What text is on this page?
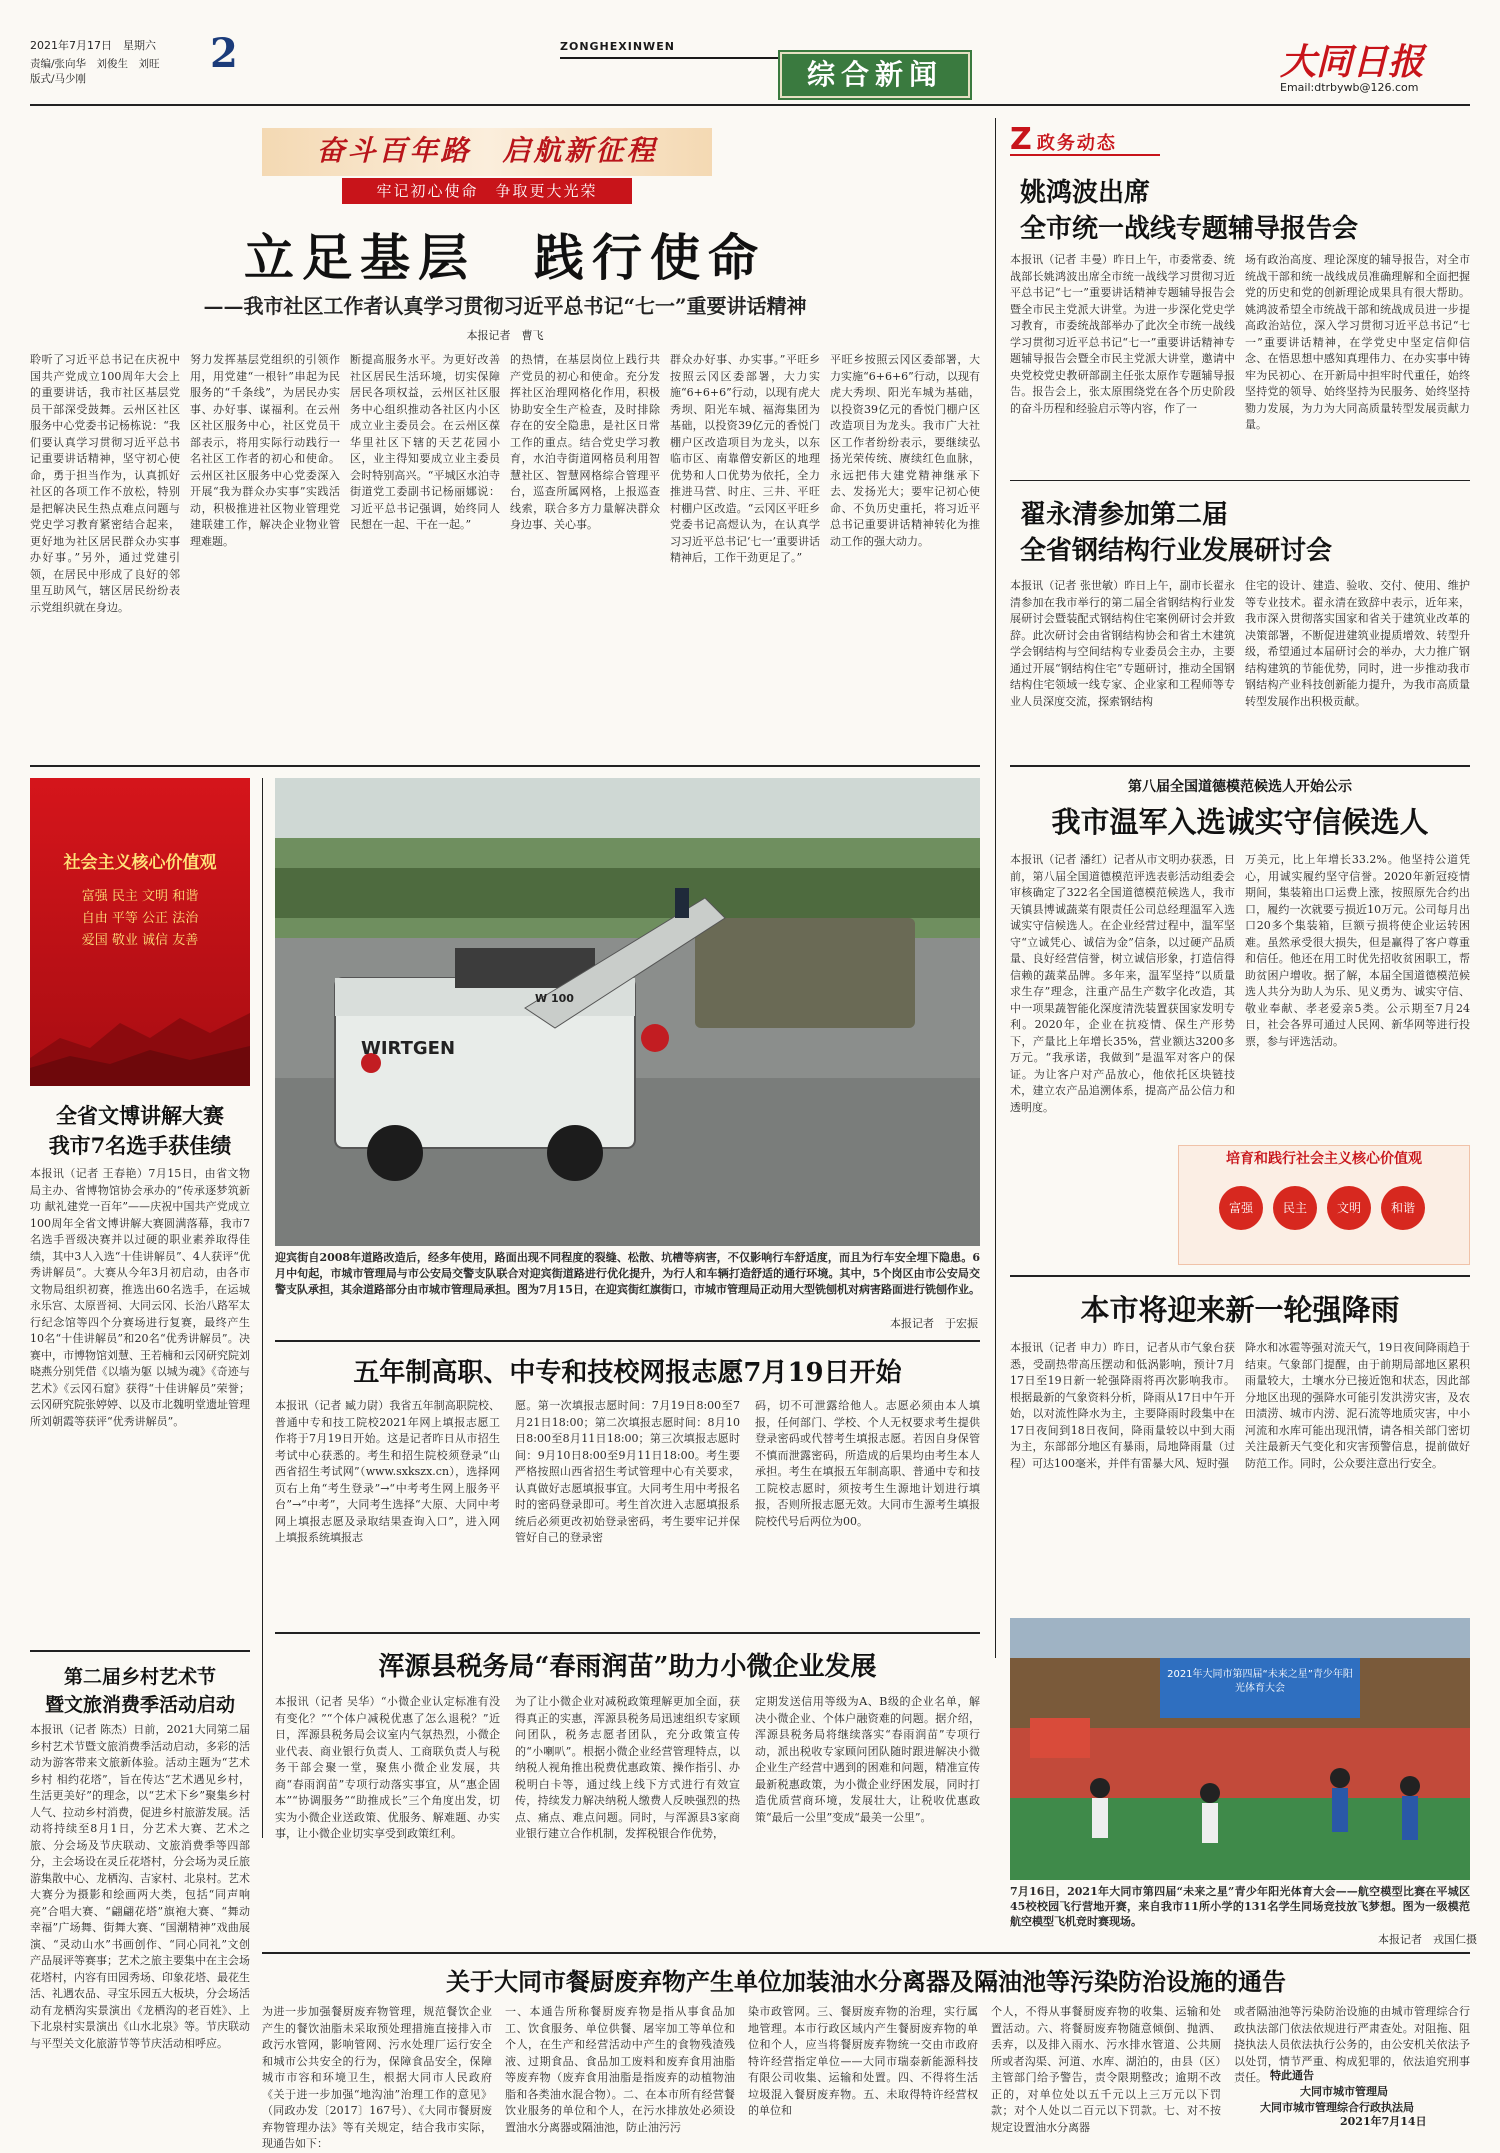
2021年7月17日　星期六 2
责编/张向华　刘俊生　刘旺
版式/马少刚
ZONGHEXINWEN
综合新闻	大同日报
Email:dtrbywb@126.com
奋斗百年路　启航新征程
牢记初心使命　争取更大光荣
立足基层　践行使命
——我市社区工作者认真学习贯彻习近平总书记“七一”重要讲话精神
本报记者　曹飞
聆听了习近平总书记在庆祝中国共产党成立100周年大会上的重要讲话，我市社区基层党员干部深受鼓舞。云州区社区服务中心党委书记杨栋说：“我们要认真学习贯彻习近平总书记重要讲话精神，坚守初心使命，勇于担当作为，认真抓好社区的各项工作不放松，特别是把解决民生热点难点问题与党史学习教育紧密结合起来，更好地为社区居民群众办实事办好事。”另外，通过党建引领，在居民中形成了良好的邻里互助风气，辖区居民纷纷表示党组织就在身边。
努力发挥基层党组织的引领作用，用党建“一根针”串起为民服务的“千条线”，为居民办实事、办好事、谋福利。在云州区社区服务中心，社区党员干部表示，将用实际行动践行一名社区工作者的初心和使命。云州区社区服务中心党委深入开展“我为群众办实事”实践活动，积极推进社区物业管理党建联建工作，解决企业物业管理难题。
断提高服务水平。为更好改善社区居民生活环境，切实保障居民各项权益，云州区社区服务中心组织推动各社区内小区成立业主委员会。在云州区葆华里社区下辖的天艺花园小区，业主得知要成立业主委员会时特别高兴。“平城区水泊寺街道党工委副书记杨丽娜说：习近平总书记强调，始终同人民想在一起、干在一起。”
的热情，在基层岗位上践行共产党员的初心和使命。充分发挥社区治理网格化作用，积极协助安全生产检查，及时排除存在的安全隐患，是社区日常工作的重点。结合党史学习教育，水泊寺街道网格员利用智慧社区、智慧网格综合管理平台，巡查所属网格，上报巡查线索，联合多方力量解决群众身边事、关心事。
群众办好事、办实事。”平旺乡按照云冈区委部署，大力实施“6+6+6”行动，以现有虎大秀坝、阳光车城、福海集团为基础，以投资39亿元的香悦门棚户区改造项目为龙头，以东临市区、南靠僧安新区的地理优势和人口优势为依托，全力推进马营、时庄、三井、平旺村棚户区改造。“云冈区平旺乡党委书记高煜认为，在认真学习习近平总书记‘七一’重要讲话精神后，工作干劲更足了。”
平旺乡按照云冈区委部署，大力实施“6+6+6”行动，以现有虎大秀坝、阳光车城为基础，以投资39亿元的香悦门棚户区改造项目为龙头。我市广大社区工作者纷纷表示，要继续弘扬光荣传统、赓续红色血脉，永远把伟大建党精神继承下去、发扬光大；要牢记初心使命、不负历史重托，将习近平总书记重要讲话精神转化为推动工作的强大动力。
Z 政务动态
姚鸿波出席
全市统一战线专题辅导报告会
本报讯（记者 丰曼）昨日上午，市委常委、统战部长姚鸿波出席全市统一战线学习贯彻习近平总书记“七一”重要讲话精神专题辅导报告会暨全市民主党派大讲堂。为进一步深化党史学习教育，市委统战部举办了此次全市统一战线学习贯彻习近平总书记“七一”重要讲话精神专题辅导报告会暨全市民主党派大讲堂，邀请中央党校党史教研部副主任张太原作专题辅导报告。报告会上，张太原围绕党在各个历史阶段的奋斗历程和经验启示等内容，作了一
场有政治高度、理论深度的辅导报告，对全市统战干部和统一战线成员准确理解和全面把握党的历史和党的创新理论成果具有很大帮助。姚鸿波希望全市统战干部和统战成员进一步提高政治站位，深入学习贯彻习近平总书记“七一”重要讲话精神，在学党史中坚定信仰信念、在悟思想中感知真理伟力、在办实事中铸牢为民初心、在开新局中担牢时代重任，始终坚持党的领导、始终坚持为民服务、始终坚持勠力发展，为力为大同高质量转型发展贡献力量。
翟永清参加第二届
全省钢结构行业发展研讨会
本报讯（记者 张世敏）昨日上午，副市长翟永清参加在我市举行的第二届全省钢结构行业发展研讨会暨装配式钢结构住宅案例研讨会并致辞。此次研讨会由省钢结构协会和省土木建筑学会钢结构与空间结构专业委员会主办，主要通过开展“钢结构住宅”专题研讨，推动全国钢结构住宅领域一线专家、企业家和工程师等专业人员深度交流，探索钢结构
住宅的设计、建造、验收、交付、使用、维护等专业技术。翟永清在致辞中表示，近年来，我市深入贯彻落实国家和省关于建筑业改革的决策部署，不断促进建筑业提质增效、转型升级，希望通过本届研讨会的举办，大力推广钢结构建筑的节能优势，同时，进一步推动我市钢结构产业科技创新能力提升，为我市高质量转型发展作出积极贡献。
第八届全国道德模范候选人开始公示
我市温军入选诚实守信候选人
本报讯（记者 潘红）记者从市文明办获悉，日前，第八届全国道德模范评选表彰活动组委会审核确定了322名全国道德模范候选人，我市天镇县博诚蔬菜有限责任公司总经理温军入选诚实守信候选人。在企业经营过程中，温军坚守“立诚凭心、诚信为金”信条，以过硬产品质量、良好经营信誉，树立诚信形象，打造信得信赖的蔬菜品牌。多年来，温军坚持“以质量求生存”理念，注重产品生产数字化改造，其中一项果蔬智能化深度清洗装置获国家发明专利。2020年，企业在抗疫情、保生产形势下，产量比上年增长35%，营业额达3200多万元。“我承诺，我做到”是温军对客户的保证。为让客户对产品放心，他依托区块链技术，建立农产品追溯体系，提高产品公信力和透明度。
万美元，比上年增长33.2%。他坚持公道凭心，用诚实履约坚守信誉。2020年新冠疫情期间，集装箱出口运费上涨，按照原先合约出口，履约一次就要亏损近10万元。公司每月出口20多个集装箱，巨额亏损将使企业运转困难。虽然承受很大损失，但是赢得了客户尊重和信任。他还在用工时优先招收贫困职工，帮助贫困户增收。据了解，本届全国道德模范候选人共分为助人为乐、见义勇为、诚实守信、敬业奉献、孝老爱亲5类。公示期至7月24日，社会各界可通过人民网、新华网等进行投票，参与评选活动。
培育和践行社会主义核心价值观
富强	民主	文明	和谐
本市将迎来新一轮强降雨
本报讯（记者 申力）昨日，记者从市气象台获悉，受副热带高压摆动和低涡影响，预计7月17日至19日新一轮强降雨将再次影响我市。根据最新的气象资料分析，降雨从17日中午开始，以对流性降水为主，主要降雨时段集中在17日夜间到18日夜间，降雨量较以中到大雨为主，东部部分地区有暴雨，局地降雨量（过程）可达100毫米，并伴有雷暴大风、短时强
降水和冰雹等强对流天气，19日夜间降雨趋于结束。气象部门提醒，由于前期局部地区累积雨量较大，土壤水分已接近饱和状态，因此部分地区出现的强降水可能引发洪涝灾害，及农田渍涝、城市内涝、泥石流等地质灾害，中小河流和水库可能出现汛情，请各相关部门密切关注最新天气变化和灾害预警信息，提前做好防范工作。同时，公众要注意出行安全。
社会主义核心价值观
富强 民主 文明 和谐
自由 平等 公正 法治
爱国 敬业 诚信 友善
全省文博讲解大赛
我市7名选手获佳绩
本报讯（记者 王春艳）7月15日，由省文物局主办、省博物馆协会承办的“传承逐梦筑新功 献礼建党一百年”——庆祝中国共产党成立100周年全省文博讲解大赛圆满落幕，我市7名选手晋级决赛并以过硬的职业素养取得佳绩，其中3人入选“十佳讲解员”、4人获评“优秀讲解员”。大赛从今年3月初启动，由各市文物局组织初赛，推选出60名选手，在运城永乐宫、太原晋祠、大同云冈、长治八路军太行纪念馆等四个分赛场进行复赛，最终产生10名“十佳讲解员”和20名“优秀讲解员”。决赛中，市博物馆刘慧、王若楠和云冈研究院刘晓燕分别凭借《以墙为躯 以城为魂》《奇迹与艺术》《云冈石窟》获得“十佳讲解员”荣誉；云冈研究院张婷婷、以及市北魏明堂遗址管理所刘朝霞等获评“优秀讲解员”。
第二届乡村艺术节
暨文旅消费季活动启动
本报讯（记者 陈杰）日前，2021大同第二届乡村艺术节暨文旅消费季活动启动，多彩的活动为游客带来文旅新体验。活动主题为“艺术乡村 相约花塔”，旨在传达“艺术遇见乡村，生活更美好”的理念，以“艺术下乡”聚集乡村人气、拉动乡村消费，促进乡村旅游发展。活动将持续至8月1日，分艺术大赛、艺术之旅、分会场及节庆联动、文旅消费季等四部分，主会场设在灵丘花塔村，分会场为灵丘旅游集散中心、龙栖沟、吉家村、北泉村。艺术大赛分为摄影和绘画两大类，包括“同声响亮”合唱大赛、“翩翩花塔”旗袍大赛、“舞动幸福”广场舞、街舞大赛、“国潮精神”戏曲展演、“灵动山水”书画创作、“同心同礼”文创产品展评等赛事；艺术之旅主要集中在主会场花塔村，内容有田园秀场、印象花塔、最花生活、礼遇农品、寻宝乐园五大板块，分会场活动有龙栖沟实景演出《龙栖沟的老百姓》、上下北泉村实景演出《山水北泉》等。节庆联动与平型关文化旅游节等节庆活动相呼应。
WIRTGEN
W 100
迎宾街自2008年道路改造后，经多年使用，路面出现不同程度的裂缝、松散、坑槽等病害，不仅影响行车舒适度，而且为行车安全埋下隐患。6月中旬起，市城市管理局与市公安局交警支队联合对迎宾街道路进行优化提升，为行人和车辆打造舒适的通行环境。其中，5个岗区由市公安局交警支队承担，其余道路部分由市城市管理局承担。图为7月15日，在迎宾街红旗街口，市城市管理局正动用大型铣刨机对病害路面进行铣刨作业。
本报记者　于宏振
五年制高职、中专和技校网报志愿7月19日开始
本报讯（记者 臧力尉）我省五年制高职院校、普通中专和技工院校2021年网上填报志愿工作将于7月19日开始。这是记者昨日从市招生考试中心获悉的。考生和招生院校须登录“山西省招生考试网”（www.sxkszx.cn），选择网页右上角“考生登录”→“中考考生网上服务平台”→“中考”，大同考生选择“大原、大同中考网上填报志愿及录取结果查询入口”，进入网上填报系统填报志
愿。第一次填报志愿时间：7月19日8:00至7月21日18:00；第二次填报志愿时间：8月10日8:00至8月11日18:00；第三次填报志愿时间：9月10日8:00至9月11日18:00。考生要严格按照山西省招生考试管理中心有关要求，认真做好志愿填报事宜。大同考生用中考报名时的密码登录即可。考生首次进入志愿填报系统后必须更改初始登录密码，考生要牢记并保管好自己的登录密
码，切不可泄露给他人。志愿必须由本人填报，任何部门、学校、个人无权要求考生提供登录密码或代替考生填报志愿。若因自身保管不慎而泄露密码，所造成的后果均由考生本人承担。考生在填报五年制高职、普通中专和技工院校志愿时，须按考生生源地计划进行填报，否则所报志愿无效。大同市生源考生填报院校代号后两位为00。
浑源县税务局“春雨润苗”助力小微企业发展
本报讯（记者 吴华）“小微企业认定标准有没有变化？”“个体户减税优惠了怎么退税？”近日，浑源县税务局会议室内气氛热烈，小微企业代表、商业银行负责人、工商联负责人与税务干部会聚一堂，聚焦小微企业发展，共商“春雨润苗”专项行动落实事宜，从“惠企固本”“协调服务”“助推成长”三个角度出发，切实为小微企业送政策、优服务、解难题、办实事，让小微企业切实享受到政策红利。
为了让小微企业对减税政策理解更加全面，获得真正的实惠，浑源县税务局迅速组织专家顾问团队，税务志愿者团队，充分政策宣传的“小喇叭”。根据小微企业经营管理特点，以纳税人视角推出税费优惠政策、操作指引、办税明白卡等，通过线上线下方式进行有效宣传，持续发力解决纳税人缴费人反映强烈的热点、痛点、难点问题。同时，与浑源县3家商业银行建立合作机制，发挥税银合作优势，
定期发送信用等级为A、B级的企业名单，解决小微企业、个体户融资难的问题。据介绍，浑源县税务局将继续落实“春雨润苗”专项行动，派出税收专家顾问团队随时跟进解决小微企业生产经营中遇到的困难和问题，精准宣传最新税惠政策，为小微企业纾困发展，同时打造优质营商环境，发展壮大，让税收优惠政策“最后一公里”变成“最美一公里”。
2021年大同市第四届“未来之星”青少年阳光体育大会
7月16日，2021年大同市第四届“未来之星”青少年阳光体育大会——航空模型比赛在平城区45校校园飞行营地开赛，来自我市11所小学的131名学生同场竞技放飞梦想。图为一级模范航空模型飞机竞时赛现场。
本报记者　戎国仁摄
关于大同市餐厨废弃物产生单位加装油水分离器及隔油池等污染防治设施的通告
为进一步加强餐厨废弃物管理，规范餐饮企业产生的餐饮油脂未采取预处理措施直接排入市政污水管网，影响管网、污水处理厂运行安全和城市公共安全的行为，保障食品安全，保障城市市容和环境卫生，根据大同市人民政府《关于进一步加强“地沟油”治理工作的意见》（同政办发〔2017〕167号）、《大同市餐厨废弃物管理办法》等有关规定，结合我市实际，现通告如下：
一、本通告所称餐厨废弃物是指从事食品加工、饮食服务、单位供餐、屠宰加工等单位和个人，在生产和经营活动中产生的食物残渣残液、过期食品、食品加工废料和废弃食用油脂等废弃物（废弃食用油脂是指废弃的动植物油脂和各类油水混合物）。二、在本市所有经营餐饮业服务的单位和个人，在污水排放处必须设置油水分离器或隔油池，防止油污污
染市政管网。三、餐厨废弃物的治理，实行属地管理。本市行政区域内产生餐厨废弃物的单位和个人，应当将餐厨废弃物统一交由市政府特许经营指定单位——大同市瑞泰新能源科技有限公司收集、运输和处置。四、不得将生活垃圾混入餐厨废弃物。五、未取得特许经营权的单位和
个人，不得从事餐厨废弃物的收集、运输和处置活动。六、将餐厨废弃物随意倾倒、抛洒、丢弃，以及排入雨水、污水排水管道、公共厕所或者沟渠、河道、水库、湖泊的，由县（区）主管部门给予警告，责令限期整改；逾期不改正的，对单位处以五千元以上三万元以下罚款；对个人处以二百元以下罚款。七、对不按规定设置油水分离器
或者隔油池等污染防治设施的由城市管理综合行政执法部门依法依规进行严肃查处。对阻拖、阻挠执法人员依法执行公务的，由公安机关依法予以处罚，情节严重、构成犯罪的，依法追究刑事责任。 特此通告
大同市城市管理局
大同市城市管理综合行政执法局
2021年7月14日
